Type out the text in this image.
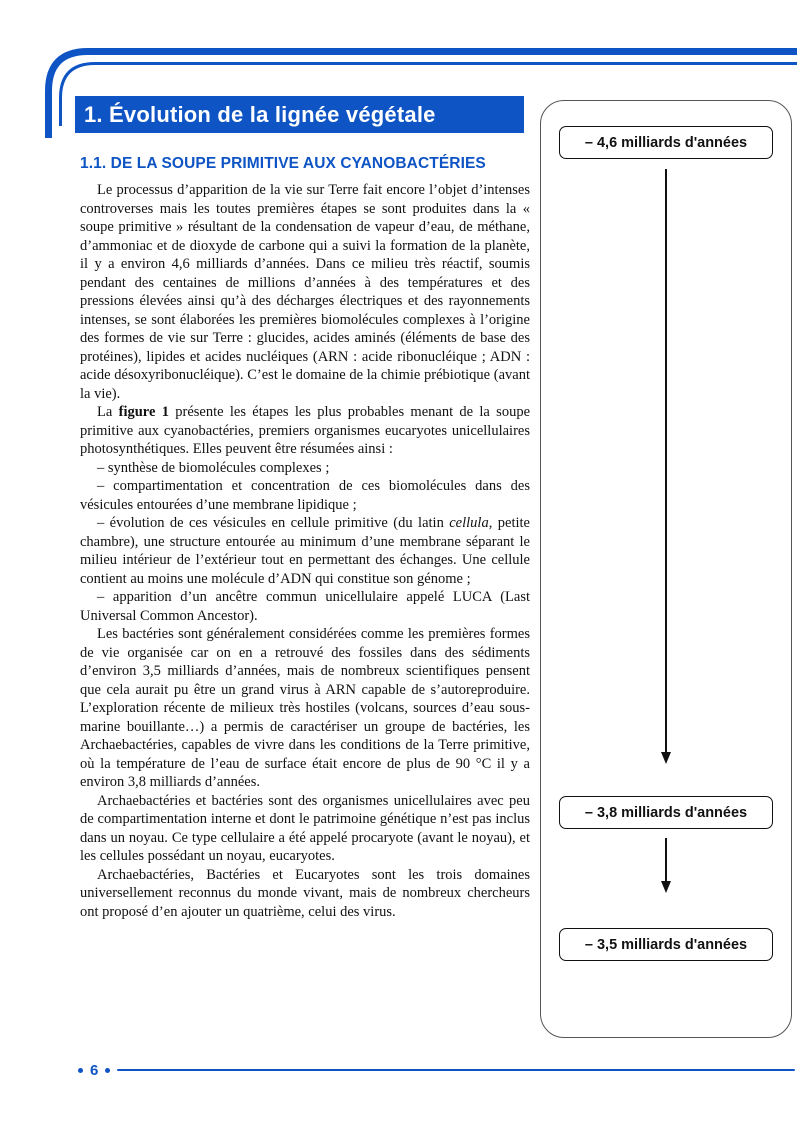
1. Évolution de la lignée végétale
1.1. DE LA SOUPE PRIMITIVE AUX CYANOBACTÉRIES

Le processus d’apparition de la vie sur Terre fait encore l’objet d’intenses controverses mais les toutes premières étapes se sont produites dans la « soupe primitive » résultant de la condensation de vapeur d’eau, de méthane, d’ammoniac et de dioxyde de carbone qui a suivi la formation de la planète, il y a environ 4,6 milliards d’années. Dans ce milieu très réactif, soumis pendant des centaines de millions d’années à des températures et des pressions élevées ainsi qu’à des décharges électriques et des rayonnements intenses, se sont élaborées les premières biomolécules complexes à l’origine des formes de vie sur Terre : glucides, acides aminés (éléments de base des protéines), lipides et acides nucléiques (ARN : acide ribonucléique ; ADN : acide désoxyribonucléique). C’est le domaine de la chimie prébiotique (avant la vie).

La figure 1 présente les étapes les plus probables menant de la soupe primitive aux cyanobactéries, premiers organismes eucaryotes unicellulaires photosynthétiques. Elles peuvent être résumées ainsi :

– synthèse de biomolécules complexes ;

– compartimentation et concentration de ces biomolécules dans des vésicules entourées d’une membrane lipidique ;

– évolution de ces vésicules en cellule primitive (du latin cellula, petite chambre), une structure entourée au minimum d’une membrane séparant le milieu intérieur de l’extérieur tout en permettant des échanges. Une cellule contient au moins une molécule d’ADN qui constitue son génome ;

– apparition d’un ancêtre commun unicellulaire appelé LUCA (Last Universal Common Ancestor).

Les bactéries sont généralement considérées comme les premières formes de vie organisée car on en a retrouvé des fossiles dans des sédiments d’environ 3,5 milliards d’années, mais de nombreux scientifiques pensent que cela aurait pu être un grand virus à ARN capable de s’autoreproduire. L’exploration récente de milieux très hostiles (volcans, sources d’eau sous-marine bouillante…) a permis de caractériser un groupe de bactéries, les Archaebactéries, capables de vivre dans les conditions de la Terre primitive, où la température de l’eau de surface était encore de plus de 90 °C il y a environ 3,8 milliards d’années.

Archaebactéries et bactéries sont des organismes unicellulaires avec peu de compartimentation interne et dont le patrimoine génétique n’est pas inclus dans un noyau. Ce type cellulaire a été appelé procaryote (avant le noyau), et les cellules possédant un noyau, eucaryotes.

Archaebactéries, Bactéries et Eucaryotes sont les trois domaines universellement reconnus du monde vivant, mais de nombreux chercheurs ont proposé d’en ajouter un quatrième, celui des virus.

– 4,6 milliards d'années
– 3,8 milliards d'années
– 3,5 milliards d'années
6
